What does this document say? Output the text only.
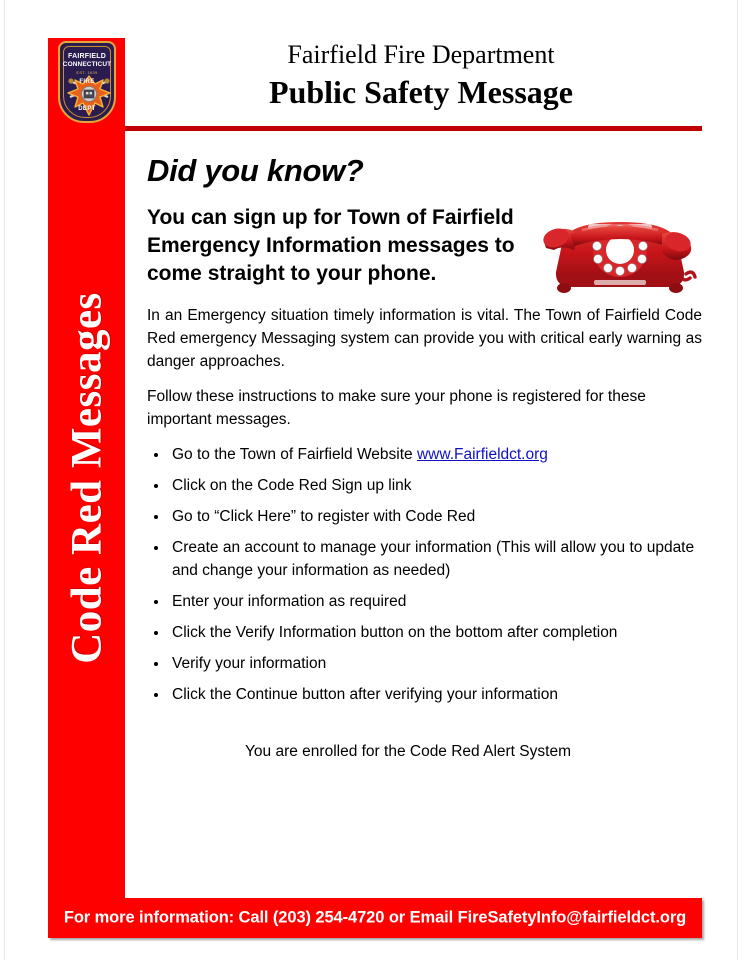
Code Red Messages
FAIRFIELD
CONNECTICUT
EST. 1639
FIRE
DEPT
Fairfield Fire Department
Public Safety Message
Did you know?

You can sign up for Town of Fairfield Emergency Information messages to come straight to your phone.

In an Emergency situation timely information is vital. The Town of Fairfield Code Red emergency Messaging system can provide you with critical early warning as danger approaches.

Follow these instructions to make sure your phone is registered for these important messages.

Go to the Town of Fairfield Website www.Fairfieldct.org
Click on the Code Red Sign up link
Go to “Click Here” to register with Code Red
Create an account to manage your information (This will allow you to update and change your information as needed)
Enter your information as required
Click the Verify Information button on the bottom after completion
Verify your information
Click the Continue button after verifying your information

You are enrolled for the Code Red Alert System

For more information: Call (203) 254-4720 or Email FireSafetyInfo@fairfieldct.org
